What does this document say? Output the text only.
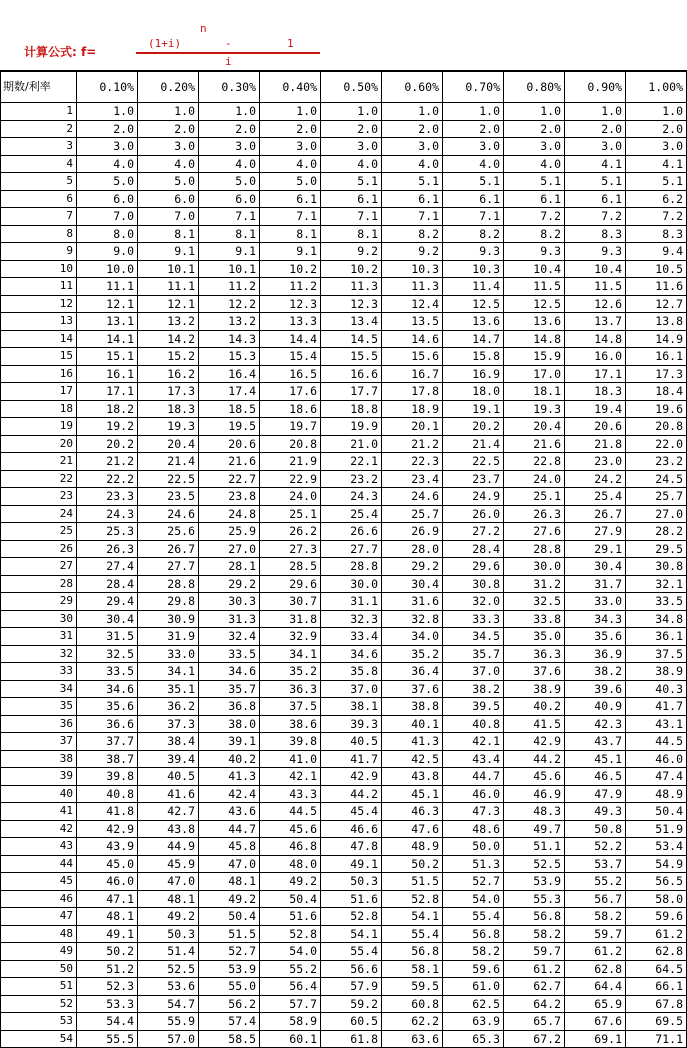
计算公式: f=
n
(1+i)	-	1
i
期数/利率	0.10%	0.20%	0.30%	0.40%	0.50%	0.60%	0.70%	0.80%	0.90%	1.00%
1	1.0	1.0	1.0	1.0	1.0	1.0	1.0	1.0	1.0	1.0
2	2.0	2.0	2.0	2.0	2.0	2.0	2.0	2.0	2.0	2.0
3	3.0	3.0	3.0	3.0	3.0	3.0	3.0	3.0	3.0	3.0
4	4.0	4.0	4.0	4.0	4.0	4.0	4.0	4.0	4.1	4.1
5	5.0	5.0	5.0	5.0	5.1	5.1	5.1	5.1	5.1	5.1
6	6.0	6.0	6.0	6.1	6.1	6.1	6.1	6.1	6.1	6.2
7	7.0	7.0	7.1	7.1	7.1	7.1	7.1	7.2	7.2	7.2
8	8.0	8.1	8.1	8.1	8.1	8.2	8.2	8.2	8.3	8.3
9	9.0	9.1	9.1	9.1	9.2	9.2	9.3	9.3	9.3	9.4
10	10.0	10.1	10.1	10.2	10.2	10.3	10.3	10.4	10.4	10.5
11	11.1	11.1	11.2	11.2	11.3	11.3	11.4	11.5	11.5	11.6
12	12.1	12.1	12.2	12.3	12.3	12.4	12.5	12.5	12.6	12.7
13	13.1	13.2	13.2	13.3	13.4	13.5	13.6	13.6	13.7	13.8
14	14.1	14.2	14.3	14.4	14.5	14.6	14.7	14.8	14.8	14.9
15	15.1	15.2	15.3	15.4	15.5	15.6	15.8	15.9	16.0	16.1
16	16.1	16.2	16.4	16.5	16.6	16.7	16.9	17.0	17.1	17.3
17	17.1	17.3	17.4	17.6	17.7	17.8	18.0	18.1	18.3	18.4
18	18.2	18.3	18.5	18.6	18.8	18.9	19.1	19.3	19.4	19.6
19	19.2	19.3	19.5	19.7	19.9	20.1	20.2	20.4	20.6	20.8
20	20.2	20.4	20.6	20.8	21.0	21.2	21.4	21.6	21.8	22.0
21	21.2	21.4	21.6	21.9	22.1	22.3	22.5	22.8	23.0	23.2
22	22.2	22.5	22.7	22.9	23.2	23.4	23.7	24.0	24.2	24.5
23	23.3	23.5	23.8	24.0	24.3	24.6	24.9	25.1	25.4	25.7
24	24.3	24.6	24.8	25.1	25.4	25.7	26.0	26.3	26.7	27.0
25	25.3	25.6	25.9	26.2	26.6	26.9	27.2	27.6	27.9	28.2
26	26.3	26.7	27.0	27.3	27.7	28.0	28.4	28.8	29.1	29.5
27	27.4	27.7	28.1	28.5	28.8	29.2	29.6	30.0	30.4	30.8
28	28.4	28.8	29.2	29.6	30.0	30.4	30.8	31.2	31.7	32.1
29	29.4	29.8	30.3	30.7	31.1	31.6	32.0	32.5	33.0	33.5
30	30.4	30.9	31.3	31.8	32.3	32.8	33.3	33.8	34.3	34.8
31	31.5	31.9	32.4	32.9	33.4	34.0	34.5	35.0	35.6	36.1
32	32.5	33.0	33.5	34.1	34.6	35.2	35.7	36.3	36.9	37.5
33	33.5	34.1	34.6	35.2	35.8	36.4	37.0	37.6	38.2	38.9
34	34.6	35.1	35.7	36.3	37.0	37.6	38.2	38.9	39.6	40.3
35	35.6	36.2	36.8	37.5	38.1	38.8	39.5	40.2	40.9	41.7
36	36.6	37.3	38.0	38.6	39.3	40.1	40.8	41.5	42.3	43.1
37	37.7	38.4	39.1	39.8	40.5	41.3	42.1	42.9	43.7	44.5
38	38.7	39.4	40.2	41.0	41.7	42.5	43.4	44.2	45.1	46.0
39	39.8	40.5	41.3	42.1	42.9	43.8	44.7	45.6	46.5	47.4
40	40.8	41.6	42.4	43.3	44.2	45.1	46.0	46.9	47.9	48.9
41	41.8	42.7	43.6	44.5	45.4	46.3	47.3	48.3	49.3	50.4
42	42.9	43.8	44.7	45.6	46.6	47.6	48.6	49.7	50.8	51.9
43	43.9	44.9	45.8	46.8	47.8	48.9	50.0	51.1	52.2	53.4
44	45.0	45.9	47.0	48.0	49.1	50.2	51.3	52.5	53.7	54.9
45	46.0	47.0	48.1	49.2	50.3	51.5	52.7	53.9	55.2	56.5
46	47.1	48.1	49.2	50.4	51.6	52.8	54.0	55.3	56.7	58.0
47	48.1	49.2	50.4	51.6	52.8	54.1	55.4	56.8	58.2	59.6
48	49.1	50.3	51.5	52.8	54.1	55.4	56.8	58.2	59.7	61.2
49	50.2	51.4	52.7	54.0	55.4	56.8	58.2	59.7	61.2	62.8
50	51.2	52.5	53.9	55.2	56.6	58.1	59.6	61.2	62.8	64.5
51	52.3	53.6	55.0	56.4	57.9	59.5	61.0	62.7	64.4	66.1
52	53.3	54.7	56.2	57.7	59.2	60.8	62.5	64.2	65.9	67.8
53	54.4	55.9	57.4	58.9	60.5	62.2	63.9	65.7	67.6	69.5
54	55.5	57.0	58.5	60.1	61.8	63.6	65.3	67.2	69.1	71.1
